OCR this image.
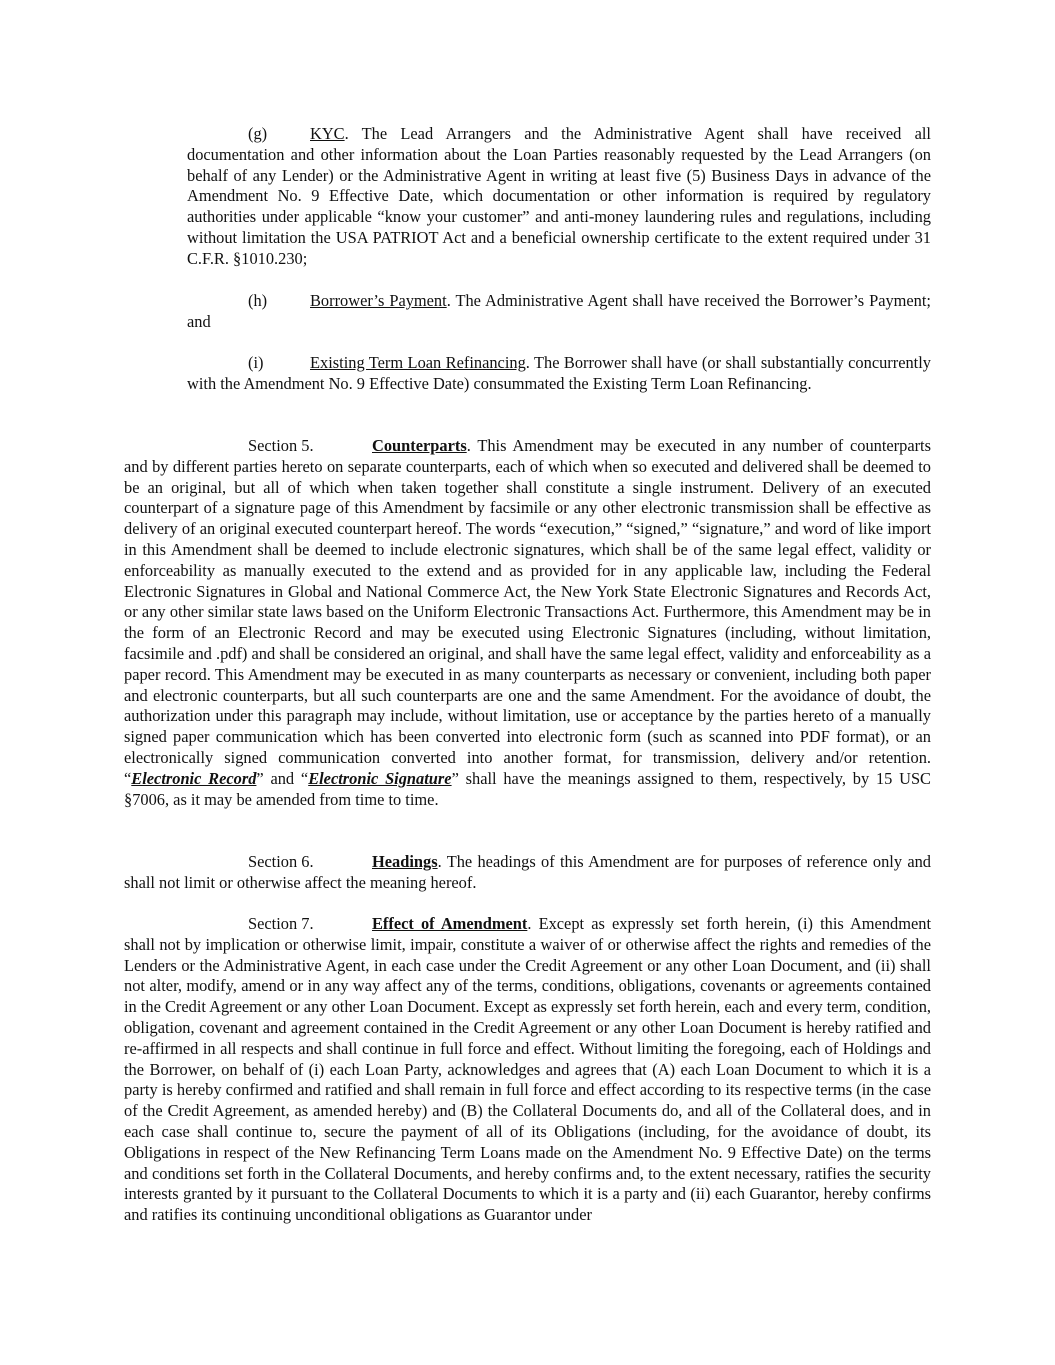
(g)	KYC. The Lead Arrangers and the Administrative Agent shall have received all documentation and other information about the Loan Parties reasonably requested by the Lead Arrangers (on behalf of any Lender) or the Administrative Agent in writing at least five (5) Business Days in advance of the Amendment No. 9 Effective Date, which documentation or other information is required by regulatory authorities under applicable “know your customer” and anti-money laundering rules and regulations, including without limitation the USA PATRIOT Act and a beneficial ownership certificate to the extent required under 31 C.F.R. §1010.230;
(h)	Borrower’s Payment. The Administrative Agent shall have received the Borrower’s Payment; and
(i)	Existing Term Loan Refinancing. The Borrower shall have (or shall substantially concurrently with the Amendment No. 9 Effective Date) consummated the Existing Term Loan Refinancing.
Section 5.	Counterparts. This Amendment may be executed in any number of counterparts and by different parties hereto on separate counterparts, each of which when so executed and delivered shall be deemed to be an original, but all of which when taken together shall constitute a single instrument. Delivery of an executed counterpart of a signature page of this Amendment by facsimile or any other electronic transmission shall be effective as delivery of an original executed counterpart hereof. The words “execution,” “signed,” “signature,” and word of like import in this Amendment shall be deemed to include electronic signatures, which shall be of the same legal effect, validity or enforceability as manually executed to the extend and as provided for in any applicable law, including the Federal Electronic Signatures in Global and National Commerce Act, the New York State Electronic Signatures and Records Act, or any other similar state laws based on the Uniform Electronic Transactions Act. Furthermore, this Amendment may be in the form of an Electronic Record and may be executed using Electronic Signatures (including, without limitation, facsimile and .pdf) and shall be considered an original, and shall have the same legal effect, validity and enforceability as a paper record. This Amendment may be executed in as many counterparts as necessary or convenient, including both paper and electronic counterparts, but all such counterparts are one and the same Amendment. For the avoidance of doubt, the authorization under this paragraph may include, without limitation, use or acceptance by the parties hereto of a manually signed paper communication which has been converted into electronic form (such as scanned into PDF format), or an electronically signed communication converted into another format, for transmission, delivery and/or retention. “Electronic Record” and “Electronic Signature” shall have the meanings assigned to them, respectively, by 15 USC §7006, as it may be amended from time to time.
Section 6.	Headings. The headings of this Amendment are for purposes of reference only and shall not limit or otherwise affect the meaning hereof.
Section 7.	Effect of Amendment. Except as expressly set forth herein, (i) this Amendment shall not by implication or otherwise limit, impair, constitute a waiver of or otherwise affect the rights and remedies of the Lenders or the Administrative Agent, in each case under the Credit Agreement or any other Loan Document, and (ii) shall not alter, modify, amend or in any way affect any of the terms, conditions, obligations, covenants or agreements contained in the Credit Agreement or any other Loan Document. Except as expressly set forth herein, each and every term, condition, obligation, covenant and agreement contained in the Credit Agreement or any other Loan Document is hereby ratified and re-affirmed in all respects and shall continue in full force and effect. Without limiting the foregoing, each of Holdings and the Borrower, on behalf of (i) each Loan Party, acknowledges and agrees that (A) each Loan Document to which it is a party is hereby confirmed and ratified and shall remain in full force and effect according to its respective terms (in the case of the Credit Agreement, as amended hereby) and (B) the Collateral Documents do, and all of the Collateral does, and in each case shall continue to, secure the payment of all of its Obligations (including, for the avoidance of doubt, its Obligations in respect of the New Refinancing Term Loans made on the Amendment No. 9 Effective Date) on the terms and conditions set forth in the Collateral Documents, and hereby confirms and, to the extent necessary, ratifies the security interests granted by it pursuant to the Collateral Documents to which it is a party and (ii) each Guarantor, hereby confirms and ratifies its continuing unconditional obligations as Guarantor under
